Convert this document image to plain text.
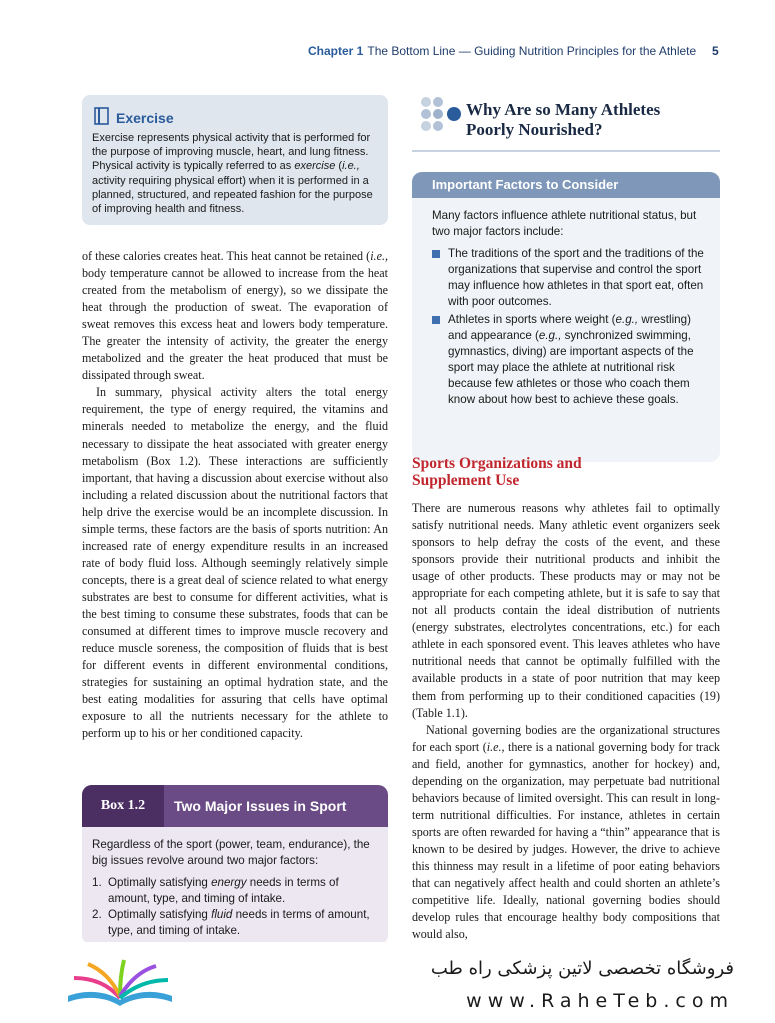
Chapter 1 The Bottom Line — Guiding Nutrition Principles for the Athlete 5
Exercise

Exercise represents physical activity that is performed for the purpose of improving muscle, heart, and lung fitness. Physical activity is typically referred to as exercise (i.e., activity requiring physical effort) when it is performed in a planned, structured, and repeated fashion for the purpose of improving health and fitness.

of these calories creates heat. This heat cannot be retained (i.e., body temperature cannot be allowed to increase from the heat created from the metabolism of energy), so we dissipate the heat through the production of sweat. The evaporation of sweat removes this excess heat and lowers body temperature. The greater the intensity of activity, the greater the energy metabolized and the greater the heat produced that must be dissipated through sweat.

In summary, physical activity alters the total energy requirement, the type of energy required, the vitamins and minerals needed to metabolize the energy, and the fluid necessary to dissipate the heat associated with greater energy metabolism (Box 1.2). These interactions are sufficiently important, that having a discussion about exercise without also including a related discussion about the nutritional factors that help drive the exercise would be an incomplete discussion. In simple terms, these factors are the basis of sports nutrition: An increased rate of energy expenditure results in an increased rate of body fluid loss. Although seemingly relatively simple concepts, there is a great deal of science related to what energy substrates are best to consume for different activities, what is the best timing to consume these substrates, foods that can be consumed at different times to improve muscle recovery and reduce muscle soreness, the composition of fluids that is best for different events in different environmental conditions, strategies for sustaining an optimal hydration state, and the best eating modalities for assuring that cells have optimal exposure to all the nutrients necessary for the athlete to perform up to his or her conditioned capacity.

Box 1.2	Two Major Issues in Sport
Regardless of the sport (power, team, endurance), the big issues revolve around two major factors:
1. Optimally satisfying energy needs in terms of amount, type, and timing of intake.
2. Optimally satisfying fluid needs in terms of amount, type, and timing of intake.
Why Are so Many Athletes
Poorly Nourished?
Important Factors to Consider
Many factors influence athlete nutritional status, but two major factors include:
The traditions of the sport and the traditions of the organizations that supervise and control the sport may influence how athletes in that sport eat, often with poor outcomes.
Athletes in sports where weight (e.g., wrestling) and appearance (e.g., synchronized swimming, gymnastics, diving) are important aspects of the sport may place the athlete at nutritional risk because few athletes or those who coach them know about how best to achieve these goals.
Sports Organizations and
Supplement Use

There are numerous reasons why athletes fail to optimally satisfy nutritional needs. Many athletic event organizers seek sponsors to help defray the costs of the event, and these sponsors provide their nutritional products and inhibit the usage of other products. These products may or may not be appropriate for each competing athlete, but it is safe to say that not all products contain the ideal distribution of nutrients (energy substrates, electrolytes concentrations, etc.) for each athlete in each sponsored event. This leaves athletes who have nutritional needs that cannot be optimally fulfilled with the available products in a state of poor nutrition that may keep them from performing up to their conditioned capacities (19) (Table 1.1).

National governing bodies are the organizational structures for each sport (i.e., there is a national governing body for track and field, another for gymnastics, another for hockey) and, depending on the organization, may perpetuate bad nutritional behaviors because of limited oversight. This can result in long-term nutritional difficulties. For instance, athletes in certain sports are often rewarded for having a “thin” appearance that is known to be desired by judges. However, the drive to achieve this thinness may result in a lifetime of poor eating behaviors that can negatively affect health and could shorten an athlete’s competitive life. Ideally, national governing bodies should develop rules that encourage healthy body compositions that would also,

فروشگاه تخصصی لاتین پزشکی راه طب
www.RaheTeb.com
